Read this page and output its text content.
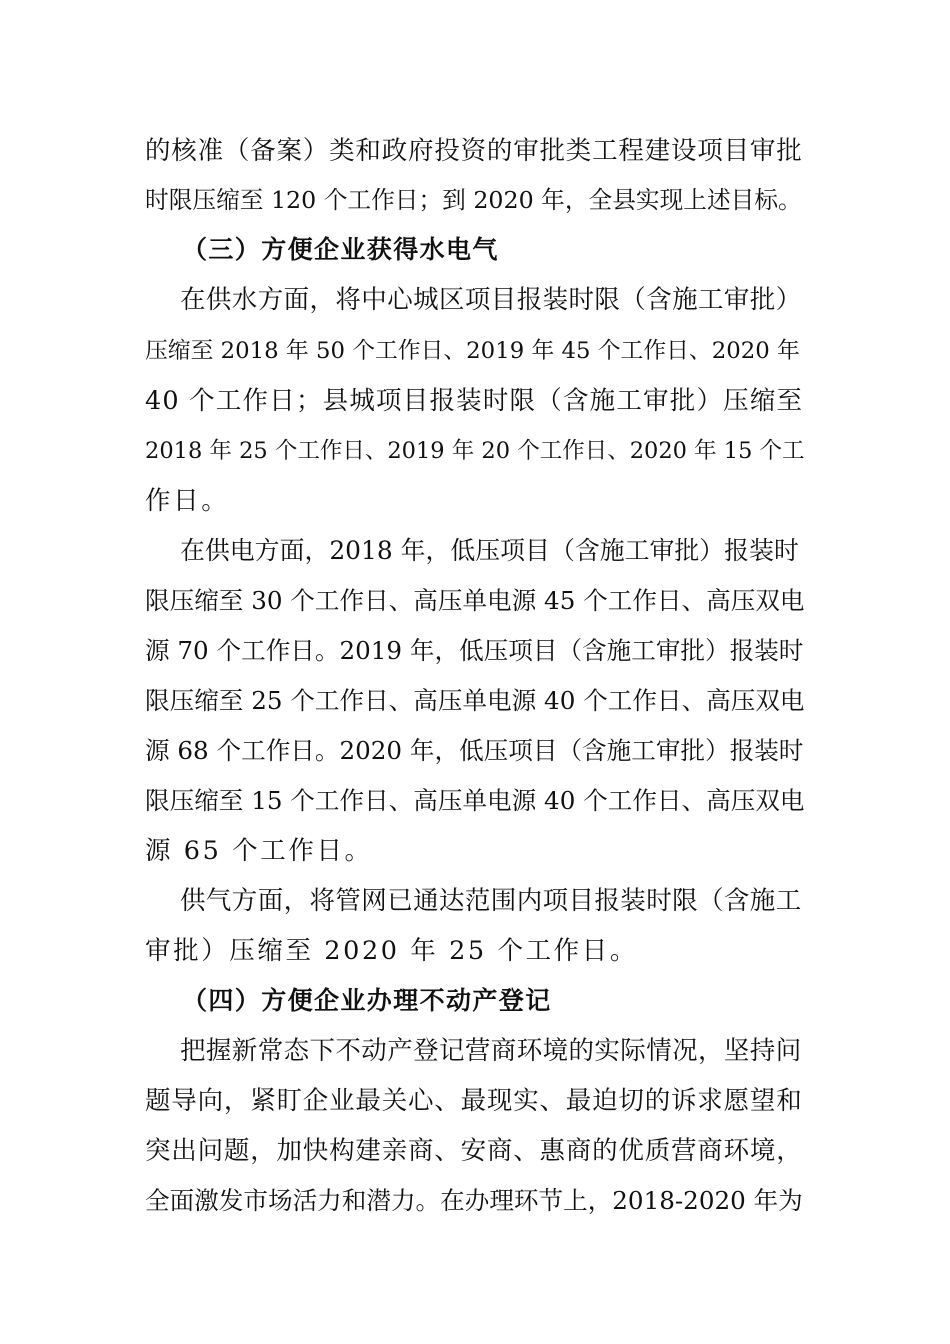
的核准（备案）类和政府投资的审批类工程建设项目审批
时限压缩至 120 个工作日；到 2020 年，全县实现上述目标。
（三）方便企业获得水电气
在供水方面，将中心城区项目报装时限（含施工审批）
压缩至 2018 年 50 个工作日、2019 年 45 个工作日、2020 年
40 个工作日；县城项目报装时限（含施工审批）压缩至
2018 年 25 个工作日、2019 年 20 个工作日、2020 年 15 个工
作日。
在供电方面，2018 年，低压项目（含施工审批）报装时
限压缩至 30 个工作日、高压单电源 45 个工作日、高压双电
源 70 个工作日。2019 年，低压项目（含施工审批）报装时
限压缩至 25 个工作日、高压单电源 40 个工作日、高压双电
源 68 个工作日。2020 年，低压项目（含施工审批）报装时
限压缩至 15 个工作日、高压单电源 40 个工作日、高压双电
源 65 个工作日。
供气方面，将管网已通达范围内项目报装时限（含施工
审批）压缩至 2020 年 25 个工作日。
（四）方便企业办理不动产登记
把握新常态下不动产登记营商环境的实际情况，坚持问
题导向，紧盯企业最关心、最现实、最迫切的诉求愿望和
突出问题，加快构建亲商、安商、惠商的优质营商环境，
全面激发市场活力和潜力。在办理环节上，2018-2020 年为
